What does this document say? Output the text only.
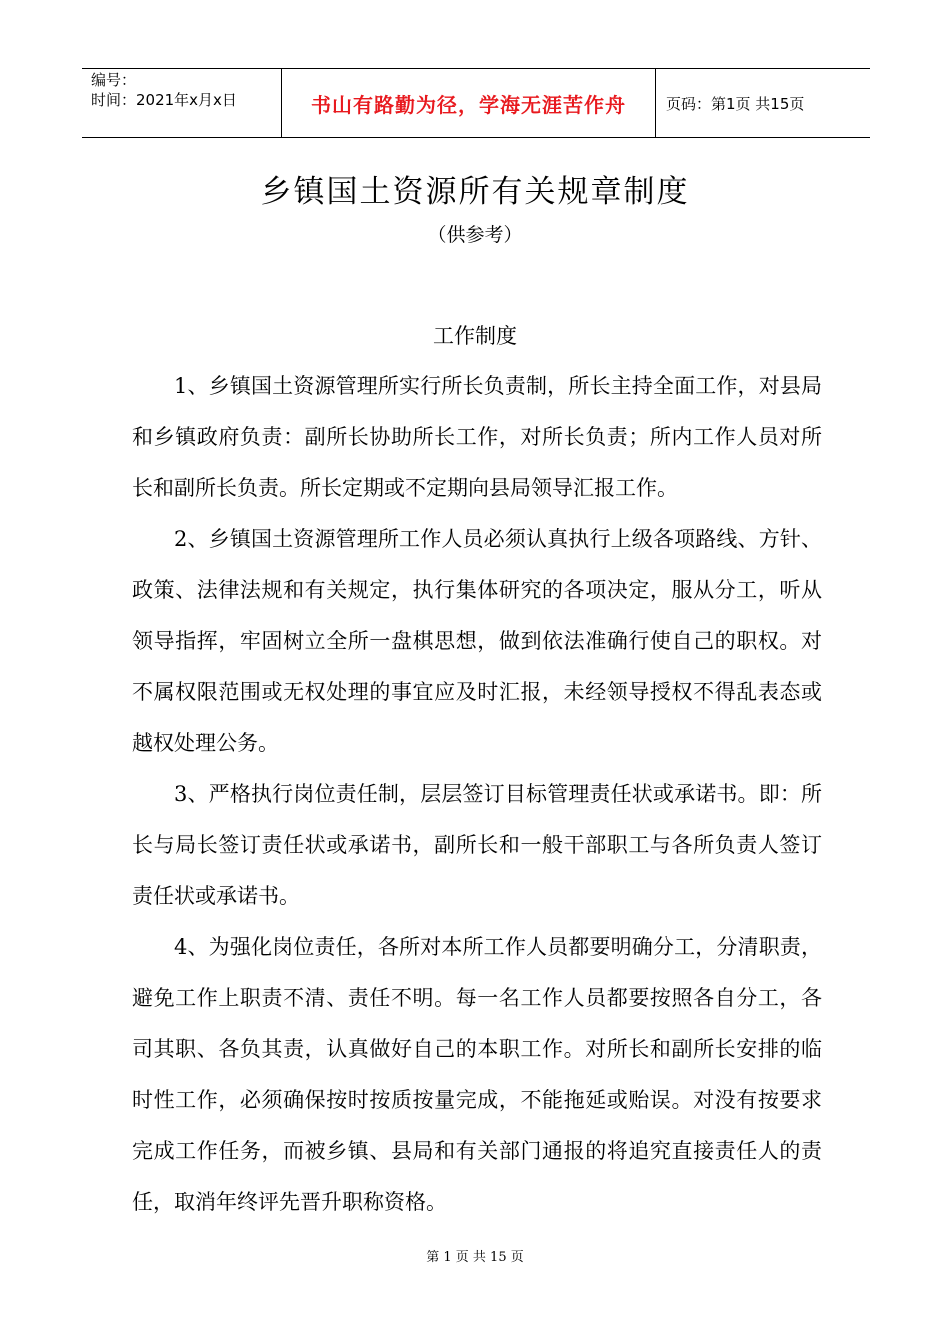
编号：
时间：2021年x月x日	书山有路勤为径，学海无涯苦作舟	页码：第1页 共15页
乡镇国土资源所有关规章制度
（供参考）
工作制度

1、乡镇国土资源管理所实行所长负责制，所长主持全面工作，对县局和乡镇政府负责：副所长协助所长工作，对所长负责；所内工作人员对所长和副所长负责。所长定期或不定期向县局领导汇报工作。

2、乡镇国土资源管理所工作人员必须认真执行上级各项路线、方针、政策、法律法规和有关规定，执行集体研究的各项决定，服从分工，听从领导指挥，牢固树立全所一盘棋思想，做到依法准确行使自己的职权。对不属权限范围或无权处理的事宜应及时汇报，未经领导授权不得乱表态或越权处理公务。

3、严格执行岗位责任制，层层签订目标管理责任状或承诺书。即：所长与局长签订责任状或承诺书，副所长和一般干部职工与各所负责人签订责任状或承诺书。

4、为强化岗位责任，各所对本所工作人员都要明确分工，分清职责，避免工作上职责不清、责任不明。每一名工作人员都要按照各自分工，各司其职、各负其责，认真做好自己的本职工作。对所长和副所长安排的临时性工作，必须确保按时按质按量完成，不能拖延或贻误。对没有按要求完成工作任务，而被乡镇、县局和有关部门通报的将追究直接责任人的责任，取消年终评先晋升职称资格。

第 1 页 共 15 页
